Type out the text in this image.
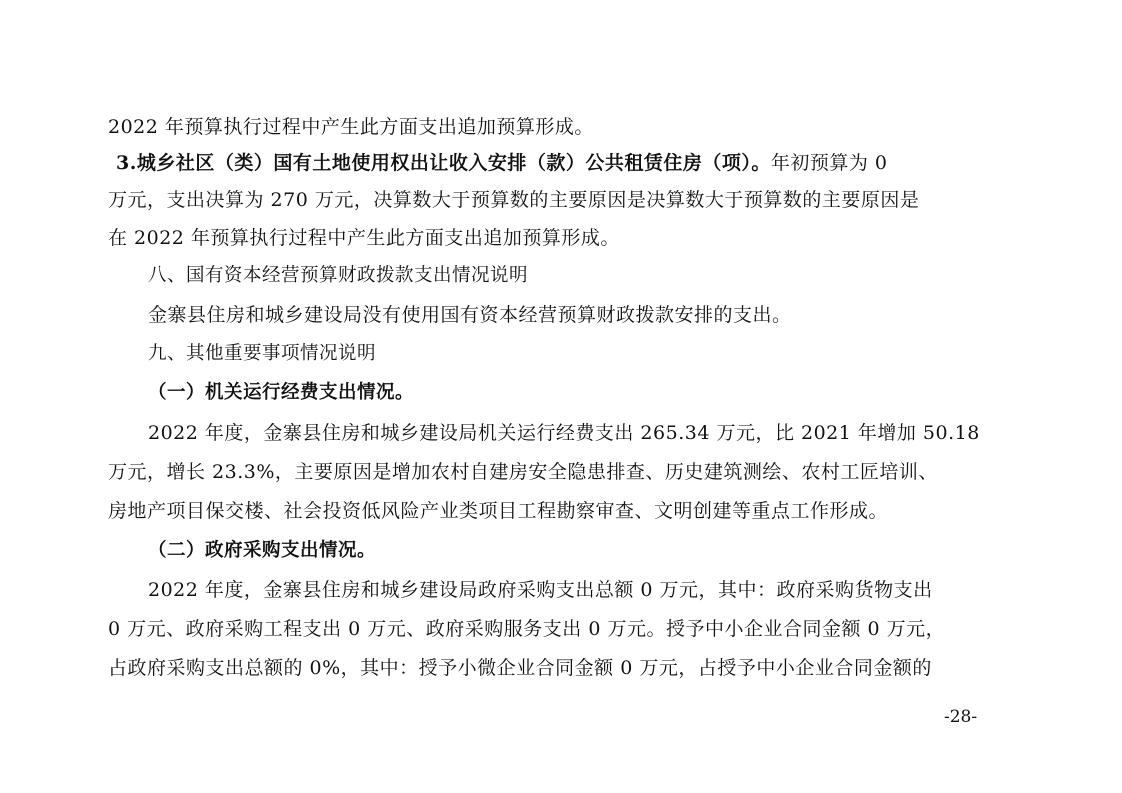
2022 年预算执行过程中产生此方面支出追加预算形成。
3.城乡社区（类）国有土地使用权出让收入安排（款）公共租赁住房（项）。年初预算为 0
万元，支出决算为 270 万元，决算数大于预算数的主要原因是决算数大于预算数的主要原因是
在 2022 年预算执行过程中产生此方面支出追加预算形成。
八、国有资本经营预算财政拨款支出情况说明
金寨县住房和城乡建设局没有使用国有资本经营预算财政拨款安排的支出。
九、其他重要事项情况说明
（一）机关运行经费支出情况。
2022 年度，金寨县住房和城乡建设局机关运行经费支出 265.34 万元，比 2021 年增加 50.18
万元，增长 23.3%，主要原因是增加农村自建房安全隐患排查、历史建筑测绘、农村工匠培训、
房地产项目保交楼、社会投资低风险产业类项目工程勘察审查、文明创建等重点工作形成。
（二）政府采购支出情况。
2022 年度，金寨县住房和城乡建设局政府采购支出总额 0 万元，其中：政府采购货物支出
0 万元、政府采购工程支出 0 万元、政府采购服务支出 0 万元。授予中小企业合同金额 0 万元，
占政府采购支出总额的 0%，其中：授予小微企业合同金额 0 万元，占授予中小企业合同金额的
-28-
